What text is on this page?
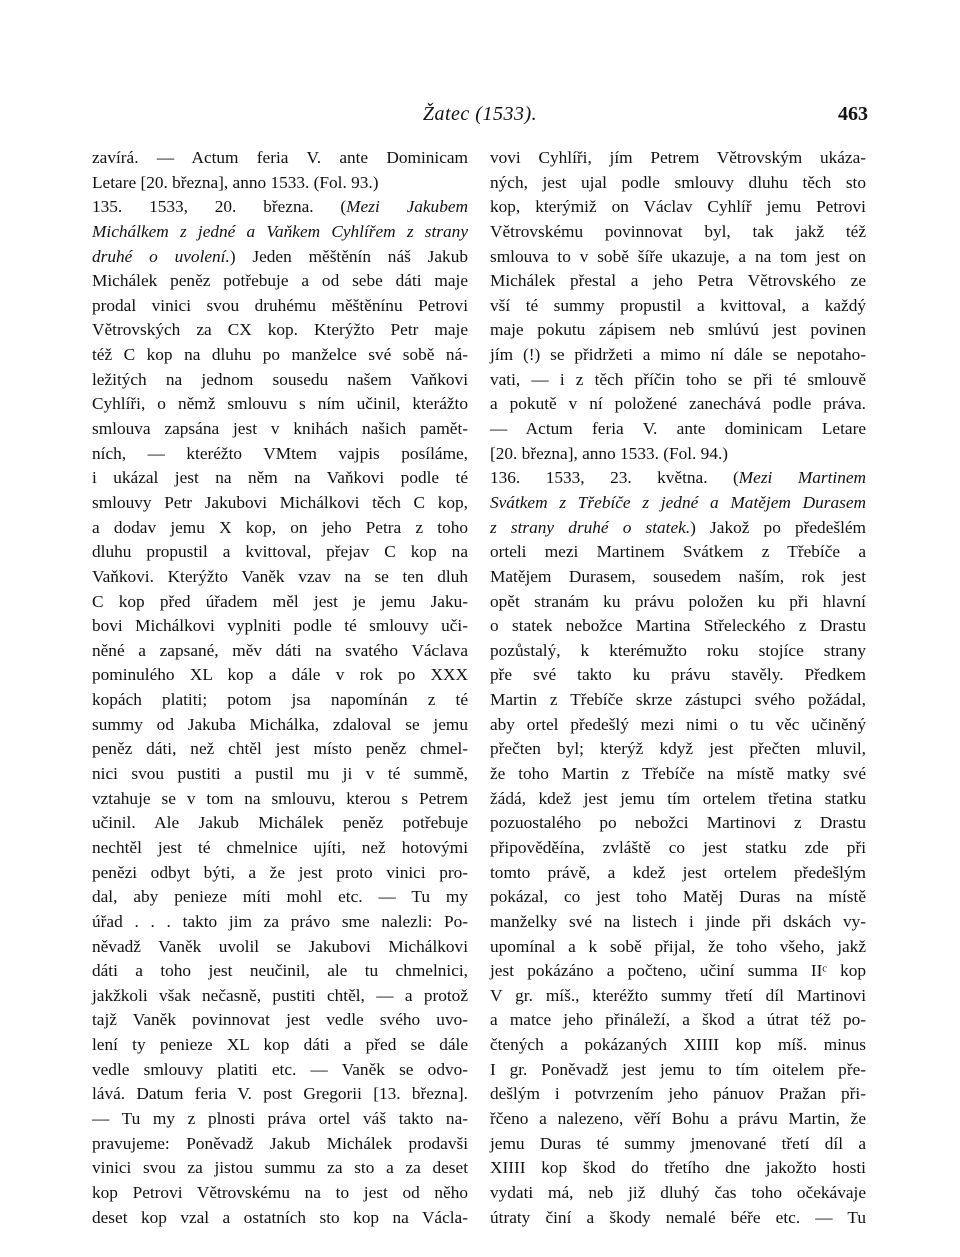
Žatec (1533).	463
zavírá. — Actum feria V. ante Dominicam
Letare [20. března], anno 1533. (Fol. 93.)
135. 1533, 20. března. (Mezi Jakubem
Michálkem z jedné a Vaňkem Cyhlířem z strany
druhé o uvolení.) Jeden měštěnín náš Jakub
Michálek peněz potřebuje a od sebe dáti maje
prodal vinici svou druhému měštěnínu Petrovi
Větrovských za CX kop. Kterýžto Petr maje
též C kop na dluhu po manželce své sobě ná-
ležitých na jednom sousedu našem Vaňkovi
Cyhlíři, o němž smlouvu s ním učinil, kterážto
smlouva zapsána jest v knihách našich pamět-
ních, — kteréžto VMtem vajpis posíláme,
i ukázal jest na něm na Vaňkovi podle té
smlouvy Petr Jakubovi Michálkovi těch C kop,
a dodav jemu X kop, on jeho Petra z toho
dluhu propustil a kvittoval, přejav C kop na
Vaňkovi. Kterýžto Vaněk vzav na se ten dluh
C kop před úřadem měl jest je jemu Jaku-
bovi Michálkovi vyplniti podle té smlouvy uči-
něné a zapsané, měv dáti na svatého Václava
pominulého XL kop a dále v rok po XXX
kopách platiti; potom jsa napomínán z té
summy od Jakuba Michálka, zdaloval se jemu
peněz dáti, než chtěl jest místo peněz chmel-
nici svou pustiti a pustil mu ji v té summě,
vztahuje se v tom na smlouvu, kterou s Petrem
učinil. Ale Jakub Michálek peněz potřebuje
nechtěl jest té chmelnice ujíti, než hotovými
penězi odbyt býti, a že jest proto vinici pro-
dal, aby penieze míti mohl etc. — Tu my
úřad . . . takto jim za právo sme nalezli: Po-
něvadž Vaněk uvolil se Jakubovi Michálkovi
dáti a toho jest neučinil, ale tu chmelnici,
jakžkoli však nečasně, pustiti chtěl, — a protož
tajž Vaněk povinnovat jest vedle svého uvo-
lení ty penieze XL kop dáti a před se dále
vedle smlouvy platiti etc. — Vaněk se odvo-
lává. Datum feria V. post Gregorii [13. března].
— Tu my z plnosti práva ortel váš takto na-
pravujeme: Poněvadž Jakub Michálek prodavši
vinici svou za jistou summu za sto a za deset
kop Petrovi Větrovskému na to jest od něho
deset kop vzal a ostatních sto kop na Václa-
vovi Cyhlíři, jím Petrem Větrovským ukáza-
ných, jest ujal podle smlouvy dluhu těch sto
kop, kterýmiž on Václav Cyhlíř jemu Petrovi
Větrovskému povinnovat byl, tak jakž též
smlouva to v sobě šíře ukazuje, a na tom jest on
Michálek přestal a jeho Petra Větrovského ze
vší té summy propustil a kvittoval, a každý
maje pokutu zápisem neb smlúvú jest povinen
jím (!) se přidržeti a mimo ní dále se nepotaho-
vati, — i z těch příčin toho se při té smlouvě
a pokutě v ní položené zanechává podle práva.
— Actum feria V. ante dominicam Letare
[20. března], anno 1533. (Fol. 94.)
136. 1533, 23. května. (Mezi Martinem
Svátkem z Třebíče z jedné a Matějem Durasem
z strany druhé o statek.) Jakož po předešlém
orteli mezi Martinem Svátkem z Třebíče a
Matějem Durasem, sousedem naším, rok jest
opět stranám ku právu položen ku při hlavní
o statek nebožce Martina Střeleckého z Drastu
pozůstalý, k kterémužto roku stojíce strany
pře své takto ku právu stavěly. Předkem
Martin z Třebíče skrze zástupci svého požádal,
aby ortel předešlý mezi nimi o tu věc učiněný
přečten byl; kterýž když jest přečten mluvil,
že toho Martin z Třebíče na místě matky své
žádá, kdež jest jemu tím ortelem třetina statku
pozuostalého po nebožci Martinovi z Drastu
připověděína, zvláště co jest statku zde při
tomto právě, a kdež jest ortelem předešlým
pokázal, co jest toho Matěj Duras na místě
manželky své na listech i jinde při dskách vy-
upomínal a k sobě přijal, že toho všeho, jakž
jest pokázáno a počteno, učiní summa IIᶜ kop
V gr. míš., kteréžto summy třetí díl Martinovi
a matce jeho přináleží, a škod a útrat též po-
čtených a pokázaných XIIII kop míš. minus
I gr. Poněvadž jest jemu to tím oitelem pře-
dešlým i potvrzením jeho pánuov Pražan při-
řčeno a nalezeno, věří Bohu a právu Martin, že
jemu Duras té summy jmenované třetí díl a
XIIII kop škod do třetího dne jakožto hosti
vydati má, neb již dluhý čas toho očekávaje
útraty činí a škody nemalé béře etc. — Tu
